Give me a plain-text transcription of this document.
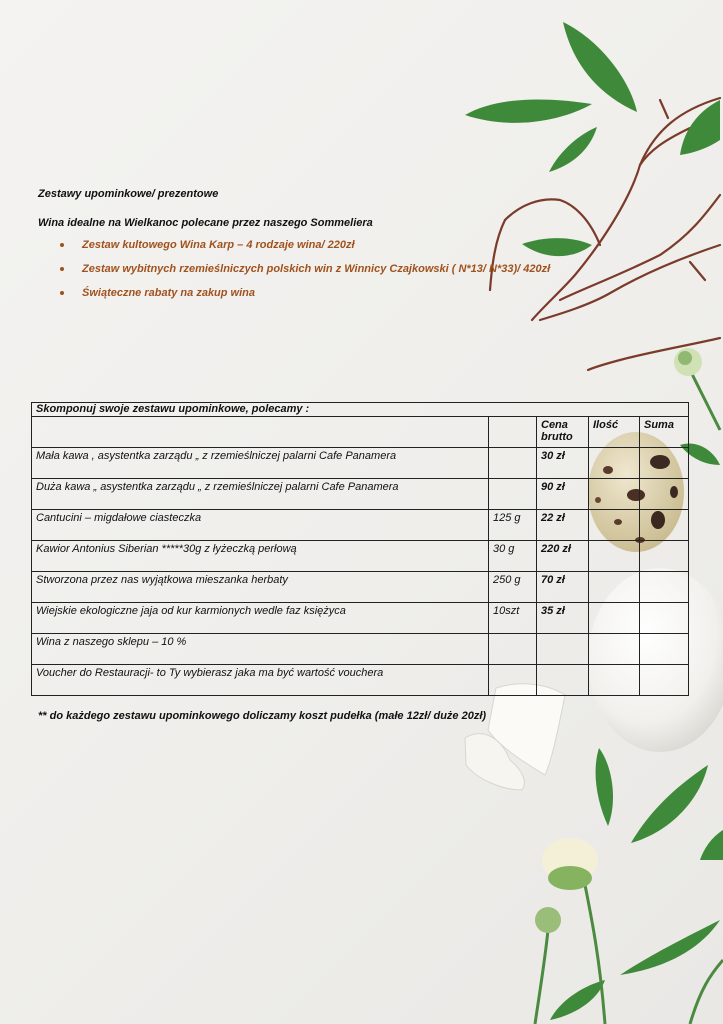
Zestawy upominkowe/ prezentowe
Wina idealne na Wielkanoc polecane przez naszego Sommeliera
Zestaw kultowego Wina Karp – 4 rodzaje wina/ 220zł
Zestaw wybitnych rzemieślniczych polskich win z Winnicy Czajkowski ( N*13/ N*33)/ 420zł
Świąteczne rabaty na zakup wina
Skomponuj swoje zestawu upominkowe, polecamy :				
		Cena brutto	Ilość	Suma
Mała kawa , asystentka zarządu „ z rzemieślniczej palarni Cafe Panamera		30 zł		
Duża kawa „ asystentka zarządu „ z rzemieślniczej palarni Cafe Panamera		90 zł		
Cantucini – migdałowe ciasteczka	125 g	22 zł		
Kawior Antonius Siberian *****30g z łyżeczką perłową	30 g	220 zł		
Stworzona przez nas wyjątkowa mieszanka herbaty	250 g	70 zł		
Wiejskie ekologiczne jaja od kur karmionych wedle faz księżyca	10szt	35 zł		
Wina z naszego sklepu – 10 %				
Voucher do Restauracji- to Ty wybierasz jaka ma być wartość vouchera				
** do każdego zestawu upominkowego doliczamy koszt pudełka (małe 12zł/ duże 20zł)
